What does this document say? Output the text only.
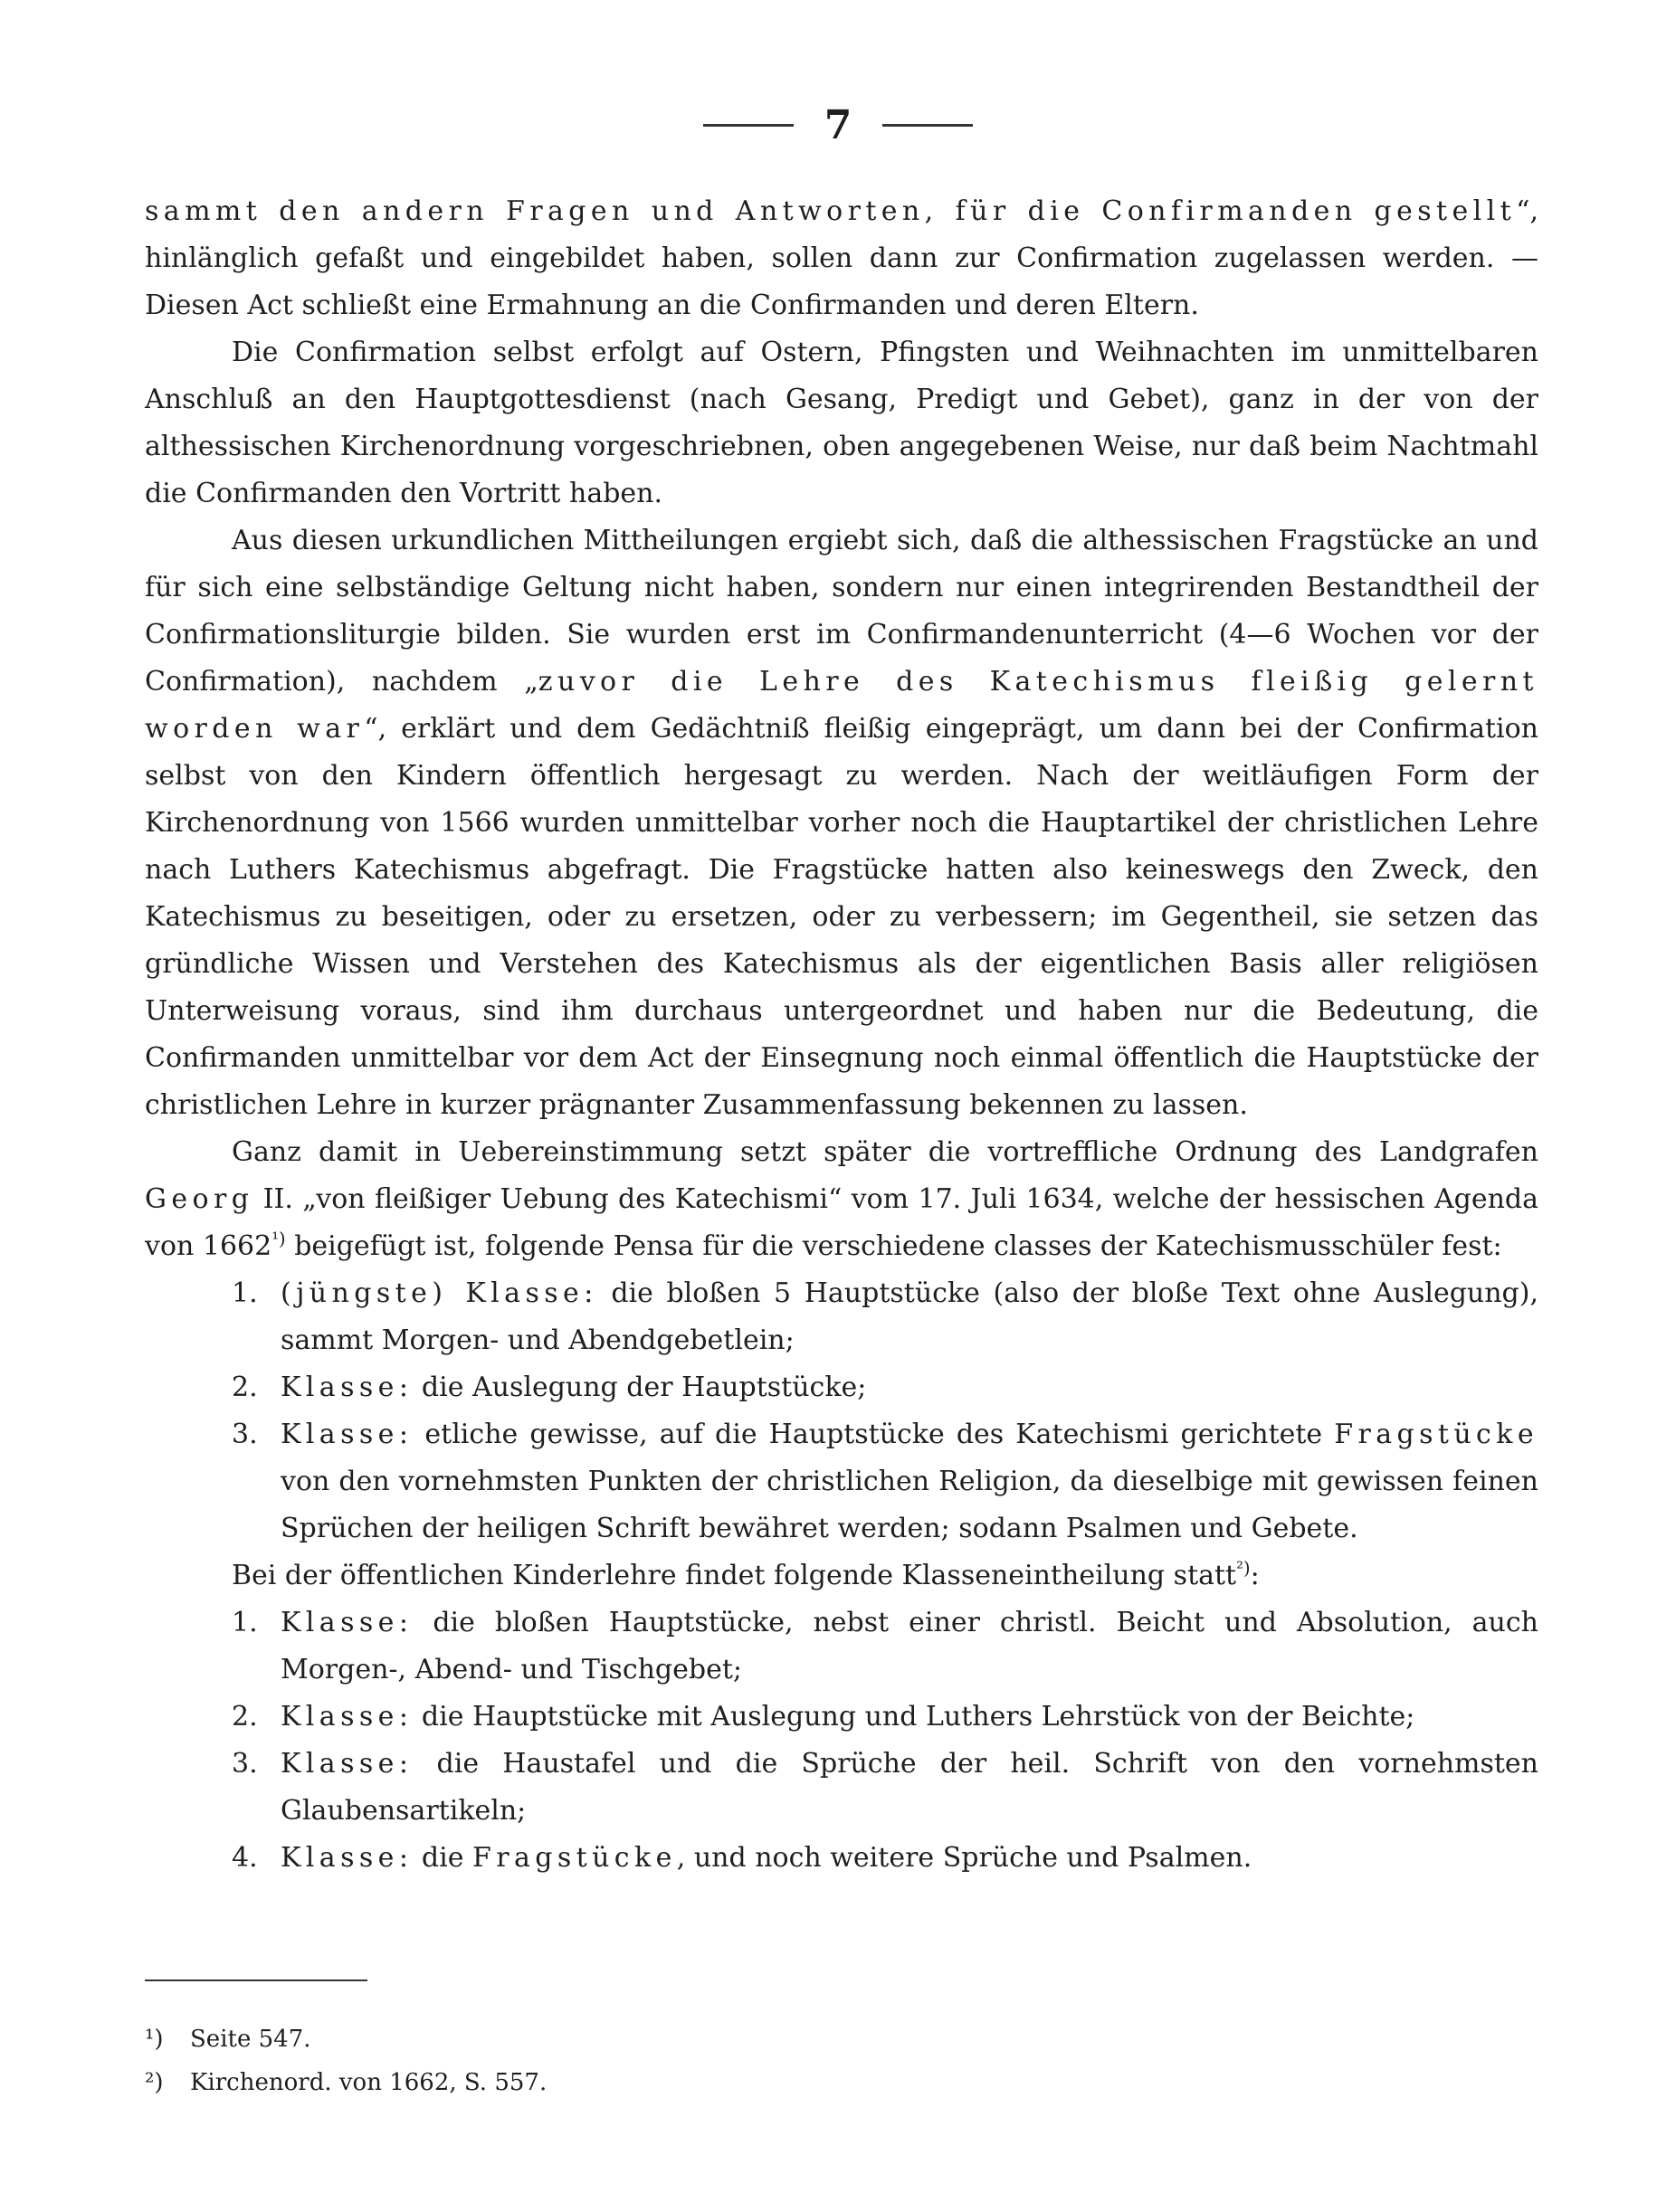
7

sammt den andern Fragen und Antworten, für die Confirmanden gestellt“, hinlänglich gefaßt und eingebildet haben, sollen dann zur Confirmation zugelassen werden. — Diesen Act schließt eine Ermahnung an die Confirmanden und deren Eltern.

Die Confirmation selbst erfolgt auf Ostern, Pfingsten und Weihnachten im unmittelbaren Anschluß an den Hauptgottesdienst (nach Gesang, Predigt und Gebet), ganz in der von der althessischen Kirchenordnung vorgeschriebnen, oben angegebenen Weise, nur daß beim Nachtmahl die Confirmanden den Vortritt haben.

Aus diesen urkundlichen Mittheilungen ergiebt sich, daß die althessischen Fragstücke an und für sich eine selbständige Geltung nicht haben, sondern nur einen integrirenden Bestandtheil der Confirmationsliturgie bilden. Sie wurden erst im Confirmandenunterricht (4—6 Wochen vor der Confirmation), nachdem „zuvor die Lehre des Katechismus fleißig gelernt worden war“, erklärt und dem Gedächtniß fleißig eingeprägt, um dann bei der Confirmation selbst von den Kindern öffentlich hergesagt zu werden. Nach der weitläufigen Form der Kirchenordnung von 1566 wurden unmittelbar vorher noch die Hauptartikel der christlichen Lehre nach Luthers Katechismus abgefragt. Die Fragstücke hatten also keineswegs den Zweck, den Katechismus zu beseitigen, oder zu ersetzen, oder zu verbessern; im Gegentheil, sie setzen das gründliche Wissen und Verstehen des Katechismus als der eigentlichen Basis aller religiösen Unterweisung voraus, sind ihm durchaus untergeordnet und haben nur die Bedeutung, die Confirmanden unmittelbar vor dem Act der Einsegnung noch einmal öffentlich die Hauptstücke der christlichen Lehre in kurzer prägnanter Zusammenfassung bekennen zu lassen.

Ganz damit in Uebereinstimmung setzt später die vortreffliche Ordnung des Landgrafen Georg II. „von fleißiger Uebung des Katechismi“ vom 17. Juli 1634, welche der hessischen Agenda von $1662^{^1)}$ beigefügt ist, folgende Pensa für die verschiedene classes der Katechismusschüler fest:

1. (jüngste) Klasse: die bloßen 5 Hauptstücke (also der bloße Text ohne Auslegung), sammt Morgen- und Abendgebetlein;
2. Klasse: die Auslegung der Hauptstücke;
3. Klasse: etliche gewisse, auf die Hauptstücke des Katechismi gerichtete Fragstücke von den vornehmsten Punkten der christlichen Religion, da dieselbige mit gewissen feinen Sprüchen der heiligen Schrift bewähret werden; sodann Psalmen und Gebete.

Bei der öffentlichen Kinderlehre findet folgende Klasseneintheilung statt$^{^2)}$:

1. Klasse: die bloßen Hauptstücke, nebst einer christl. Beicht und Absolution, auch Morgen-, Abend- und Tischgebet;
2. Klasse: die Hauptstücke mit Auslegung und Luthers Lehrstück von der Beichte;
3. Klasse: die Haustafel und die Sprüche der heil. Schrift von den vornehmsten Glaubensartikeln;
4. Klasse: die Fragstücke, und noch weitere Sprüche und Psalmen.
¹) Seite 547.
²) Kirchenord. von 1662, S. 557.
